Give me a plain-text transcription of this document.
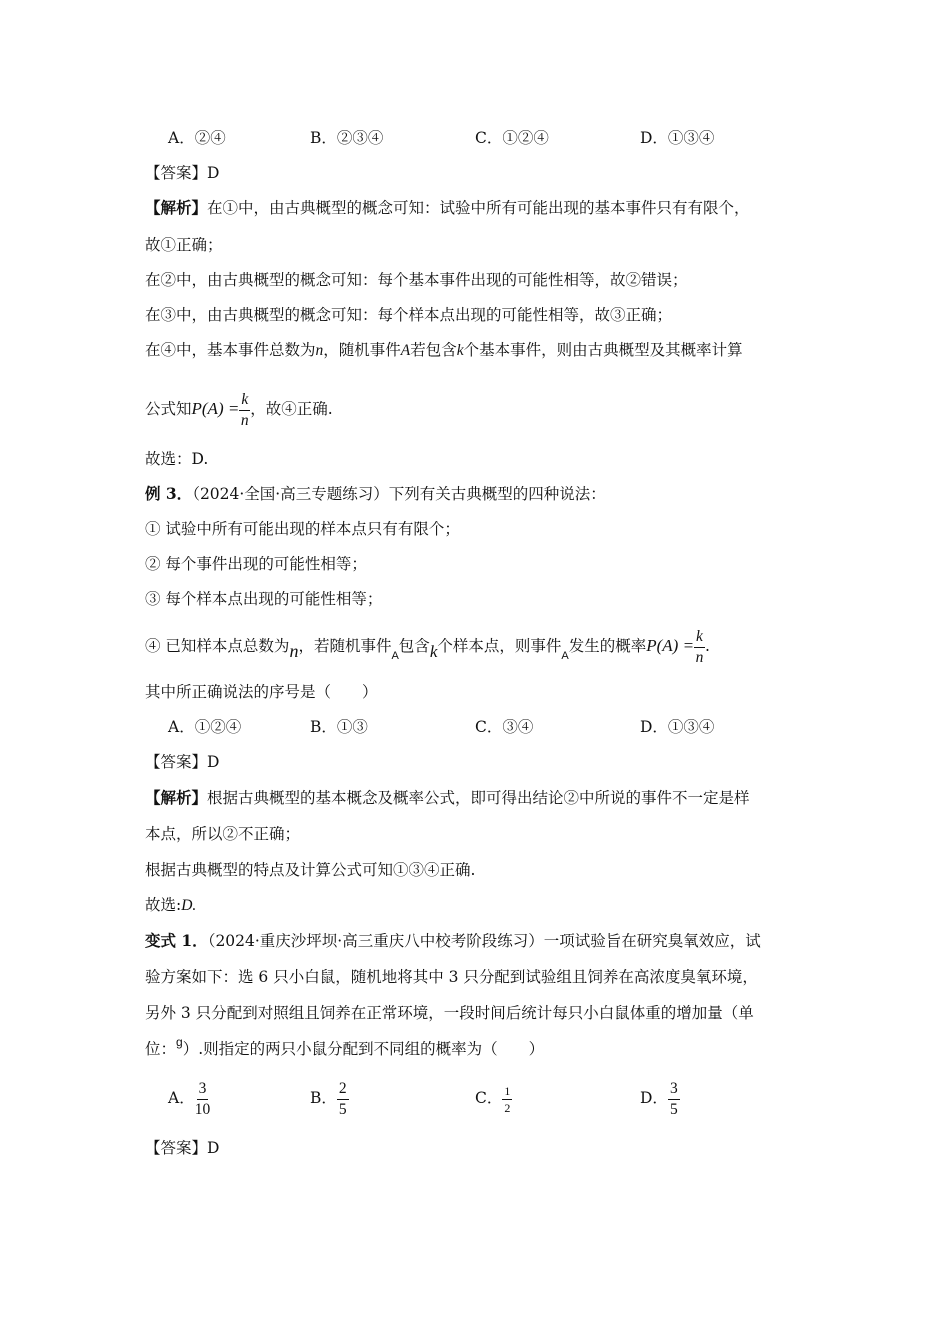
A．②④	B．②③④	C．①②④	D．①③④
【答案】D
【解析】在①中，由古典概型的概念可知：试验中所有可能出现的基本事件只有有限个，
故①正确；
在②中，由古典概型的概念可知：每个基本事件出现的可能性相等，故②错误；
在③中，由古典概型的概念可知：每个样本点出现的可能性相等，故③正确；
在④中，基本事件总数为n，随机事件A若包含k个基本事件，则由古典概型及其概率计算
公式知$P(A) = \frac{k}{n}$ ，故④正确.
故选：D.
例 3．（2024·全国·高三专题练习）下列有关古典概型的四种说法：
① 试验中所有可能出现的样本点只有有限个；
② 每个事件出现的可能性相等；
③ 每个样本点出现的可能性相等；
④ 已知样本点总数为n，若随机事件$_A$包含k个样本点，则事件$_A$发生的概率$P(A) = \frac{k}{n}$ .
其中所正确说法的序号是（　　）
A．①②④	B．①③	C．③④	D．①③④
【答案】D
【解析】根据古典概型的基本概念及概率公式，即可得出结论②中所说的事件不一定是样
本点，所以②不正确；
根据古典概型的特点及计算公式可知①③④正确.
故选:D.
变式 1．（2024·重庆沙坪坝·高三重庆八中校考阶段练习）一项试验旨在研究臭氧效应，试
验方案如下：选 6 只小白鼠，随机地将其中 3 只分配到试验组且饲养在高浓度臭氧环境，
另外 3 只分配到对照组且饲养在正常环境，一段时间后统计每只小白鼠体重的增加量（单
位：$^g$）.则指定的两只小鼠分配到不同组的概率为（　　）
A． $\frac{3}{10}$	B． $\frac{2}{5}$	C． $\frac{1}{2}$	D． $\frac{3}{5}$
【答案】D
